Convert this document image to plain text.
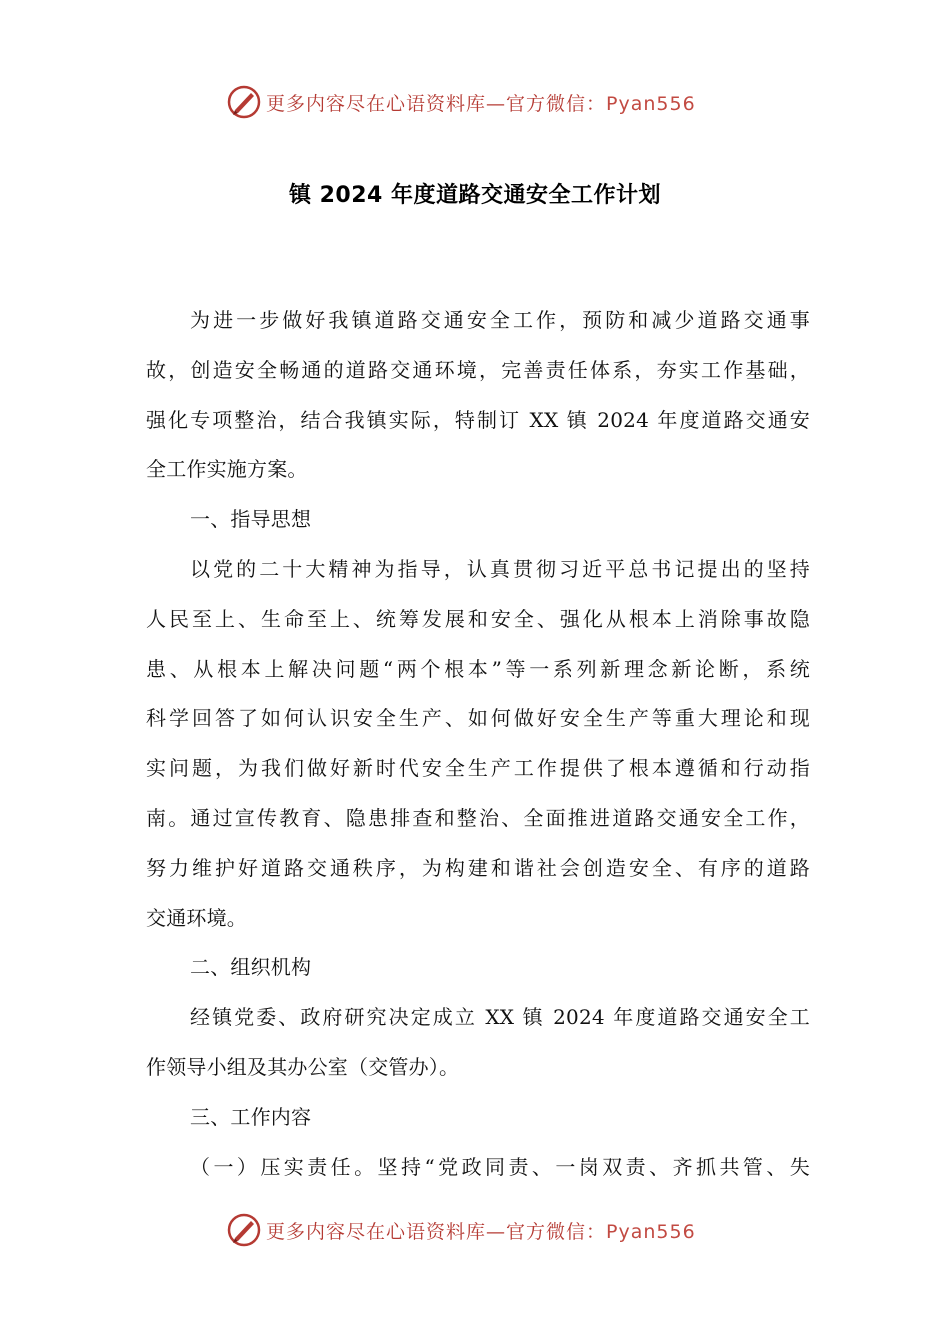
更多内容尽在心语资料库—官方微信：Pyan556
镇 2024 年度道路交通安全工作计划
为进一步做好我镇道路交通安全工作，预防和减少道路交通事
故，创造安全畅通的道路交通环境，完善责任体系，夯实工作基础，
强化专项整治，结合我镇实际，特制订 XX 镇 2024 年度道路交通安
全工作实施方案。
一、指导思想
以党的二十大精神为指导，认真贯彻习近平总书记提出的坚持
人民至上、生命至上、统筹发展和安全、强化从根本上消除事故隐
患、从根本上解决问题“两个根本”等一系列新理念新论断，系统
科学回答了如何认识安全生产、如何做好安全生产等重大理论和现
实问题，为我们做好新时代安全生产工作提供了根本遵循和行动指
南。通过宣传教育、隐患排查和整治、全面推进道路交通安全工作，
努力维护好道路交通秩序，为构建和谐社会创造安全、有序的道路
交通环境。
二、组织机构
经镇党委、政府研究决定成立 XX 镇 2024 年度道路交通安全工
作领导小组及其办公室（交管办）。
三、工作内容
（一）压实责任。坚持“党政同责、一岗双责、齐抓共管、失
更多内容尽在心语资料库—官方微信：Pyan556
